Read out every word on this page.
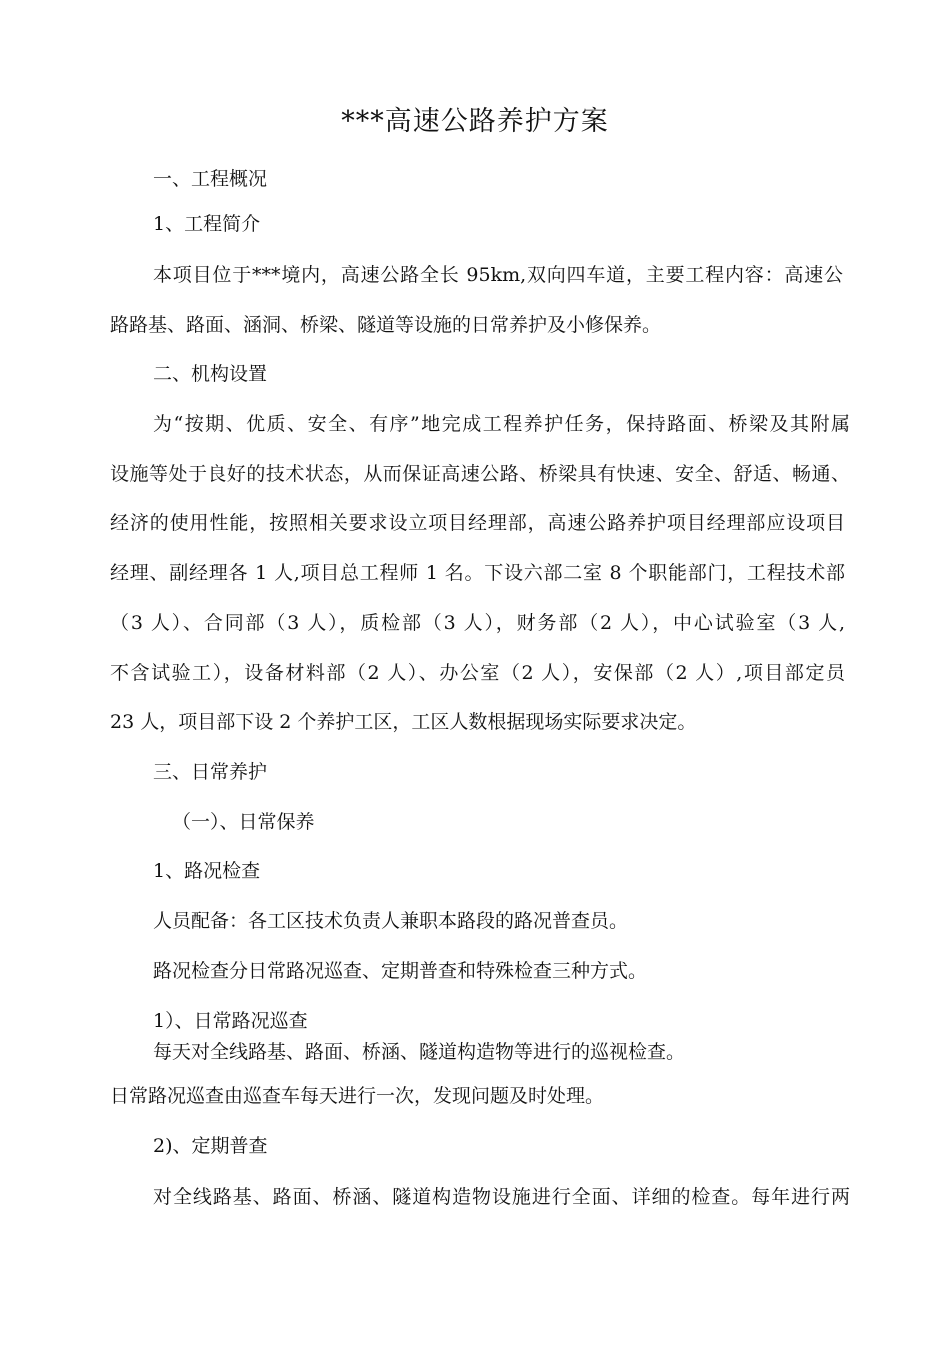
***高速公路养护方案
一、工程概况
1、工程简介
本项目位于***境内，高速公路全长 95km,双向四车道，主要工程内容：高速公
路路基、路面、涵洞、桥梁、隧道等设施的日常养护及小修保养。
二、机构设置
为“按期、优质、安全、有序”地完成工程养护任务，保持路面、桥梁及其附属
设施等处于良好的技术状态，从而保证高速公路、桥梁具有快速、安全、舒适、畅通、
经济的使用性能，按照相关要求设立项目经理部，高速公路养护项目经理部应设项目
经理、副经理各 1 人,项目总工程师 1 名。下设六部二室 8 个职能部门，工程技术部
（3 人）、合同部（3 人），质检部（3 人），财务部（2 人），中心试验室（3 人,
不含试验工），设备材料部（2 人）、办公室（2 人），安保部（2 人）,项目部定员
23 人，项目部下设 2 个养护工区，工区人数根据现场实际要求决定。
三、日常养护
（一）、日常保养
1、路况检查
人员配备：各工区技术负责人兼职本路段的路况普查员。
路况检查分日常路况巡查、定期普查和特殊检查三种方式。
1）、日常路况巡查
每天对全线路基、路面、桥涵、隧道构造物等进行的巡视检查。
日常路况巡查由巡查车每天进行一次，发现问题及时处理。
2)、定期普查
对全线路基、路面、桥涵、隧道构造物设施进行全面、详细的检查。每年进行两
